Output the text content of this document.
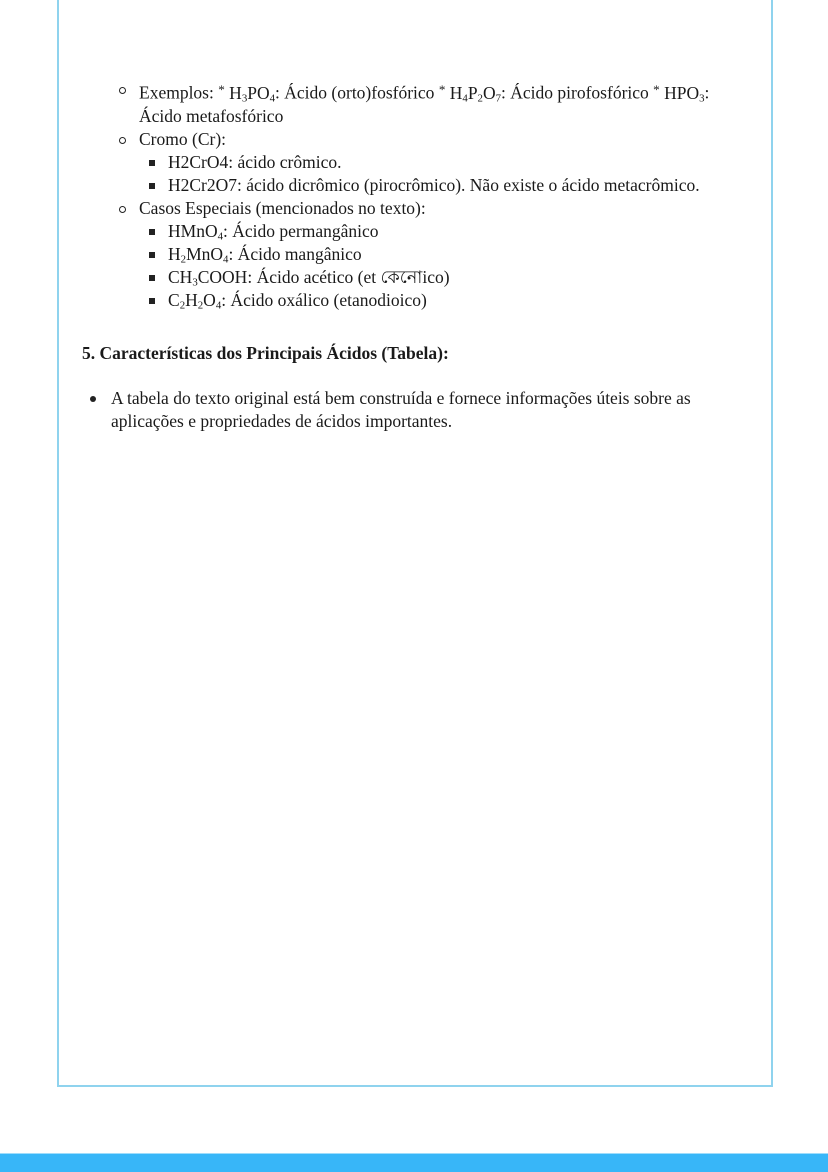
Exemplos: * $H_3PO_4$: Ácido (orto)fosfórico * $H_4P_2O_7$: Ácido pirofosfórico * $HPO_3$: Ácido metafosfórico
Cromo (Cr):
H2CrO4: ácido crômico.
H2Cr2O7: ácido dicrômico (pirocrômico). Não existe o ácido metacrômico.
Casos Especiais (mencionados no texto):
HMnO$_4$: Ácido permangânico
$H_2MnO_4$: Ácido mangânico
$CH_3COOH$: Ácido acético (et কেনোico)
$C_2H_2O_4$: Ácido oxálico (etanodioico)
5. Características dos Principais Ácidos (Tabela):
A tabela do texto original está bem construída e fornece informações úteis sobre as aplicações e propriedades de ácidos importantes.
